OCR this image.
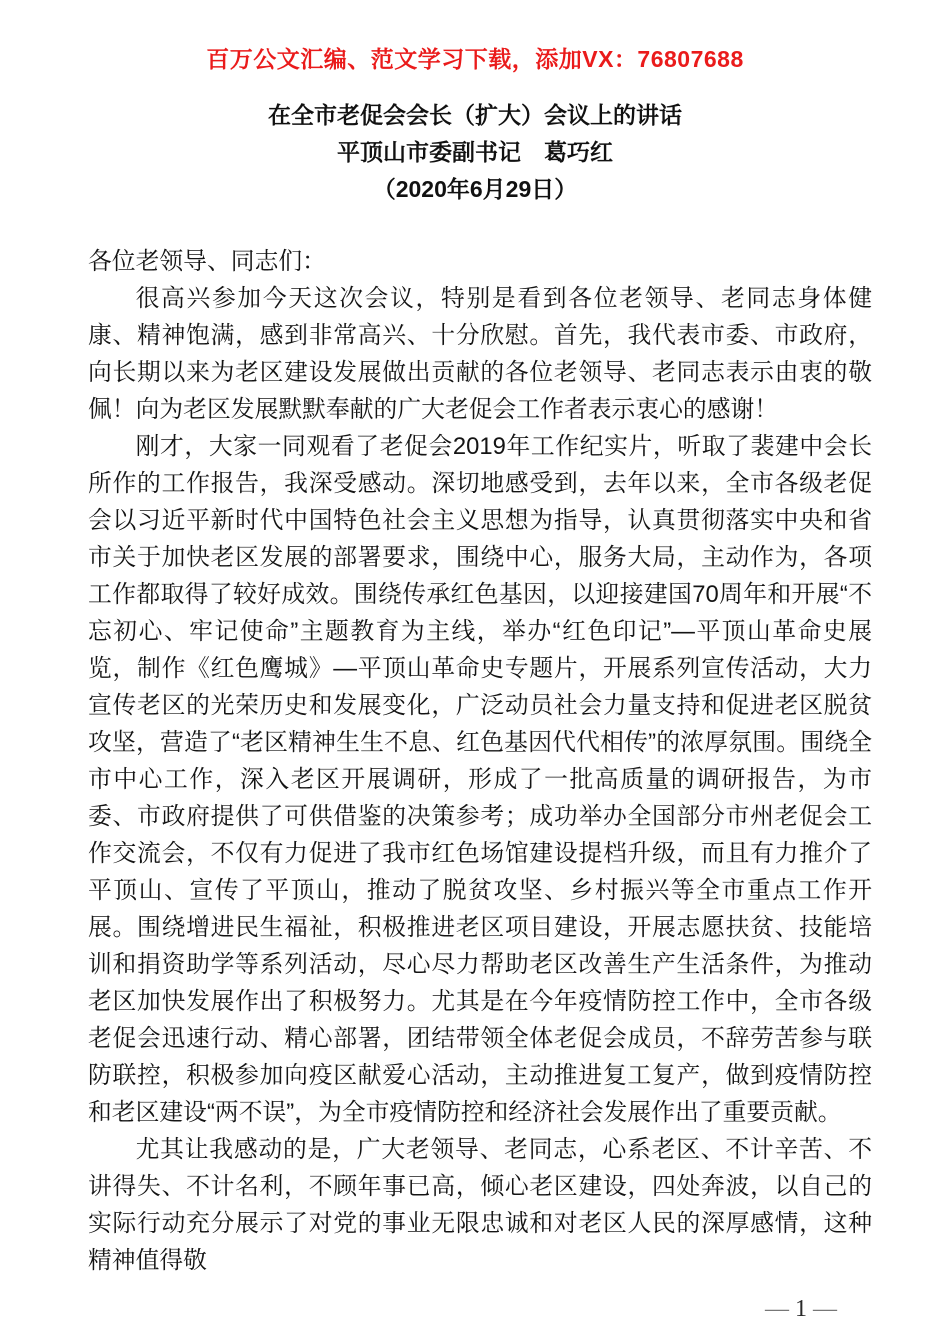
百万公文汇编、范文学习下载，添加VX：76807688
在全市老促会会长（扩大）会议上的讲话
平顶山市委副书记　葛巧红
（2020年6月29日）

各位老领导、同志们：

很高兴参加今天这次会议，特别是看到各位老领导、老同志身体健康、精神饱满，感到非常高兴、十分欣慰。首先，我代表市委、市政府，向长期以来为老区建设发展做出贡献的各位老领导、老同志表示由衷的敬佩！向为老区发展默默奉献的广大老促会工作者表示衷心的感谢！

刚才，大家一同观看了老促会2019年工作纪实片，听取了裴建中会长所作的工作报告，我深受感动。深切地感受到，去年以来，全市各级老促会以习近平新时代中国特色社会主义思想为指导，认真贯彻落实中央和省市关于加快老区发展的部署要求，围绕中心，服务大局，主动作为，各项工作都取得了较好成效。围绕传承红色基因，以迎接建国70周年和开展“不忘初心、牢记使命”主题教育为主线，举办“红色印记”—平顶山革命史展览，制作《红色鹰城》—平顶山革命史专题片，开展系列宣传活动，大力宣传老区的光荣历史和发展变化，广泛动员社会力量支持和促进老区脱贫攻坚，营造了“老区精神生生不息、红色基因代代相传”的浓厚氛围。围绕全市中心工作，深入老区开展调研，形成了一批高质量的调研报告，为市委、市政府提供了可供借鉴的决策参考；成功举办全国部分市州老促会工作交流会，不仅有力促进了我市红色场馆建设提档升级，而且有力推介了平顶山、宣传了平顶山，推动了脱贫攻坚、乡村振兴等全市重点工作开展。围绕增进民生福祉，积极推进老区项目建设，开展志愿扶贫、技能培训和捐资助学等系列活动，尽心尽力帮助老区改善生产生活条件，为推动老区加快发展作出了积极努力。尤其是在今年疫情防控工作中，全市各级老促会迅速行动、精心部署，团结带领全体老促会成员，不辞劳苦参与联防联控，积极参加向疫区献爱心活动，主动推进复工复产，做到疫情防控和老区建设“两不误”，为全市疫情防控和经济社会发展作出了重要贡献。

尤其让我感动的是，广大老领导、老同志，心系老区、不计辛苦、不讲得失、不计名利，不顾年事已高，倾心老区建设，四处奔波，以自己的实际行动充分展示了对党的事业无限忠诚和对老区人民的深厚感情，这种精神值得敬

— 1 —
